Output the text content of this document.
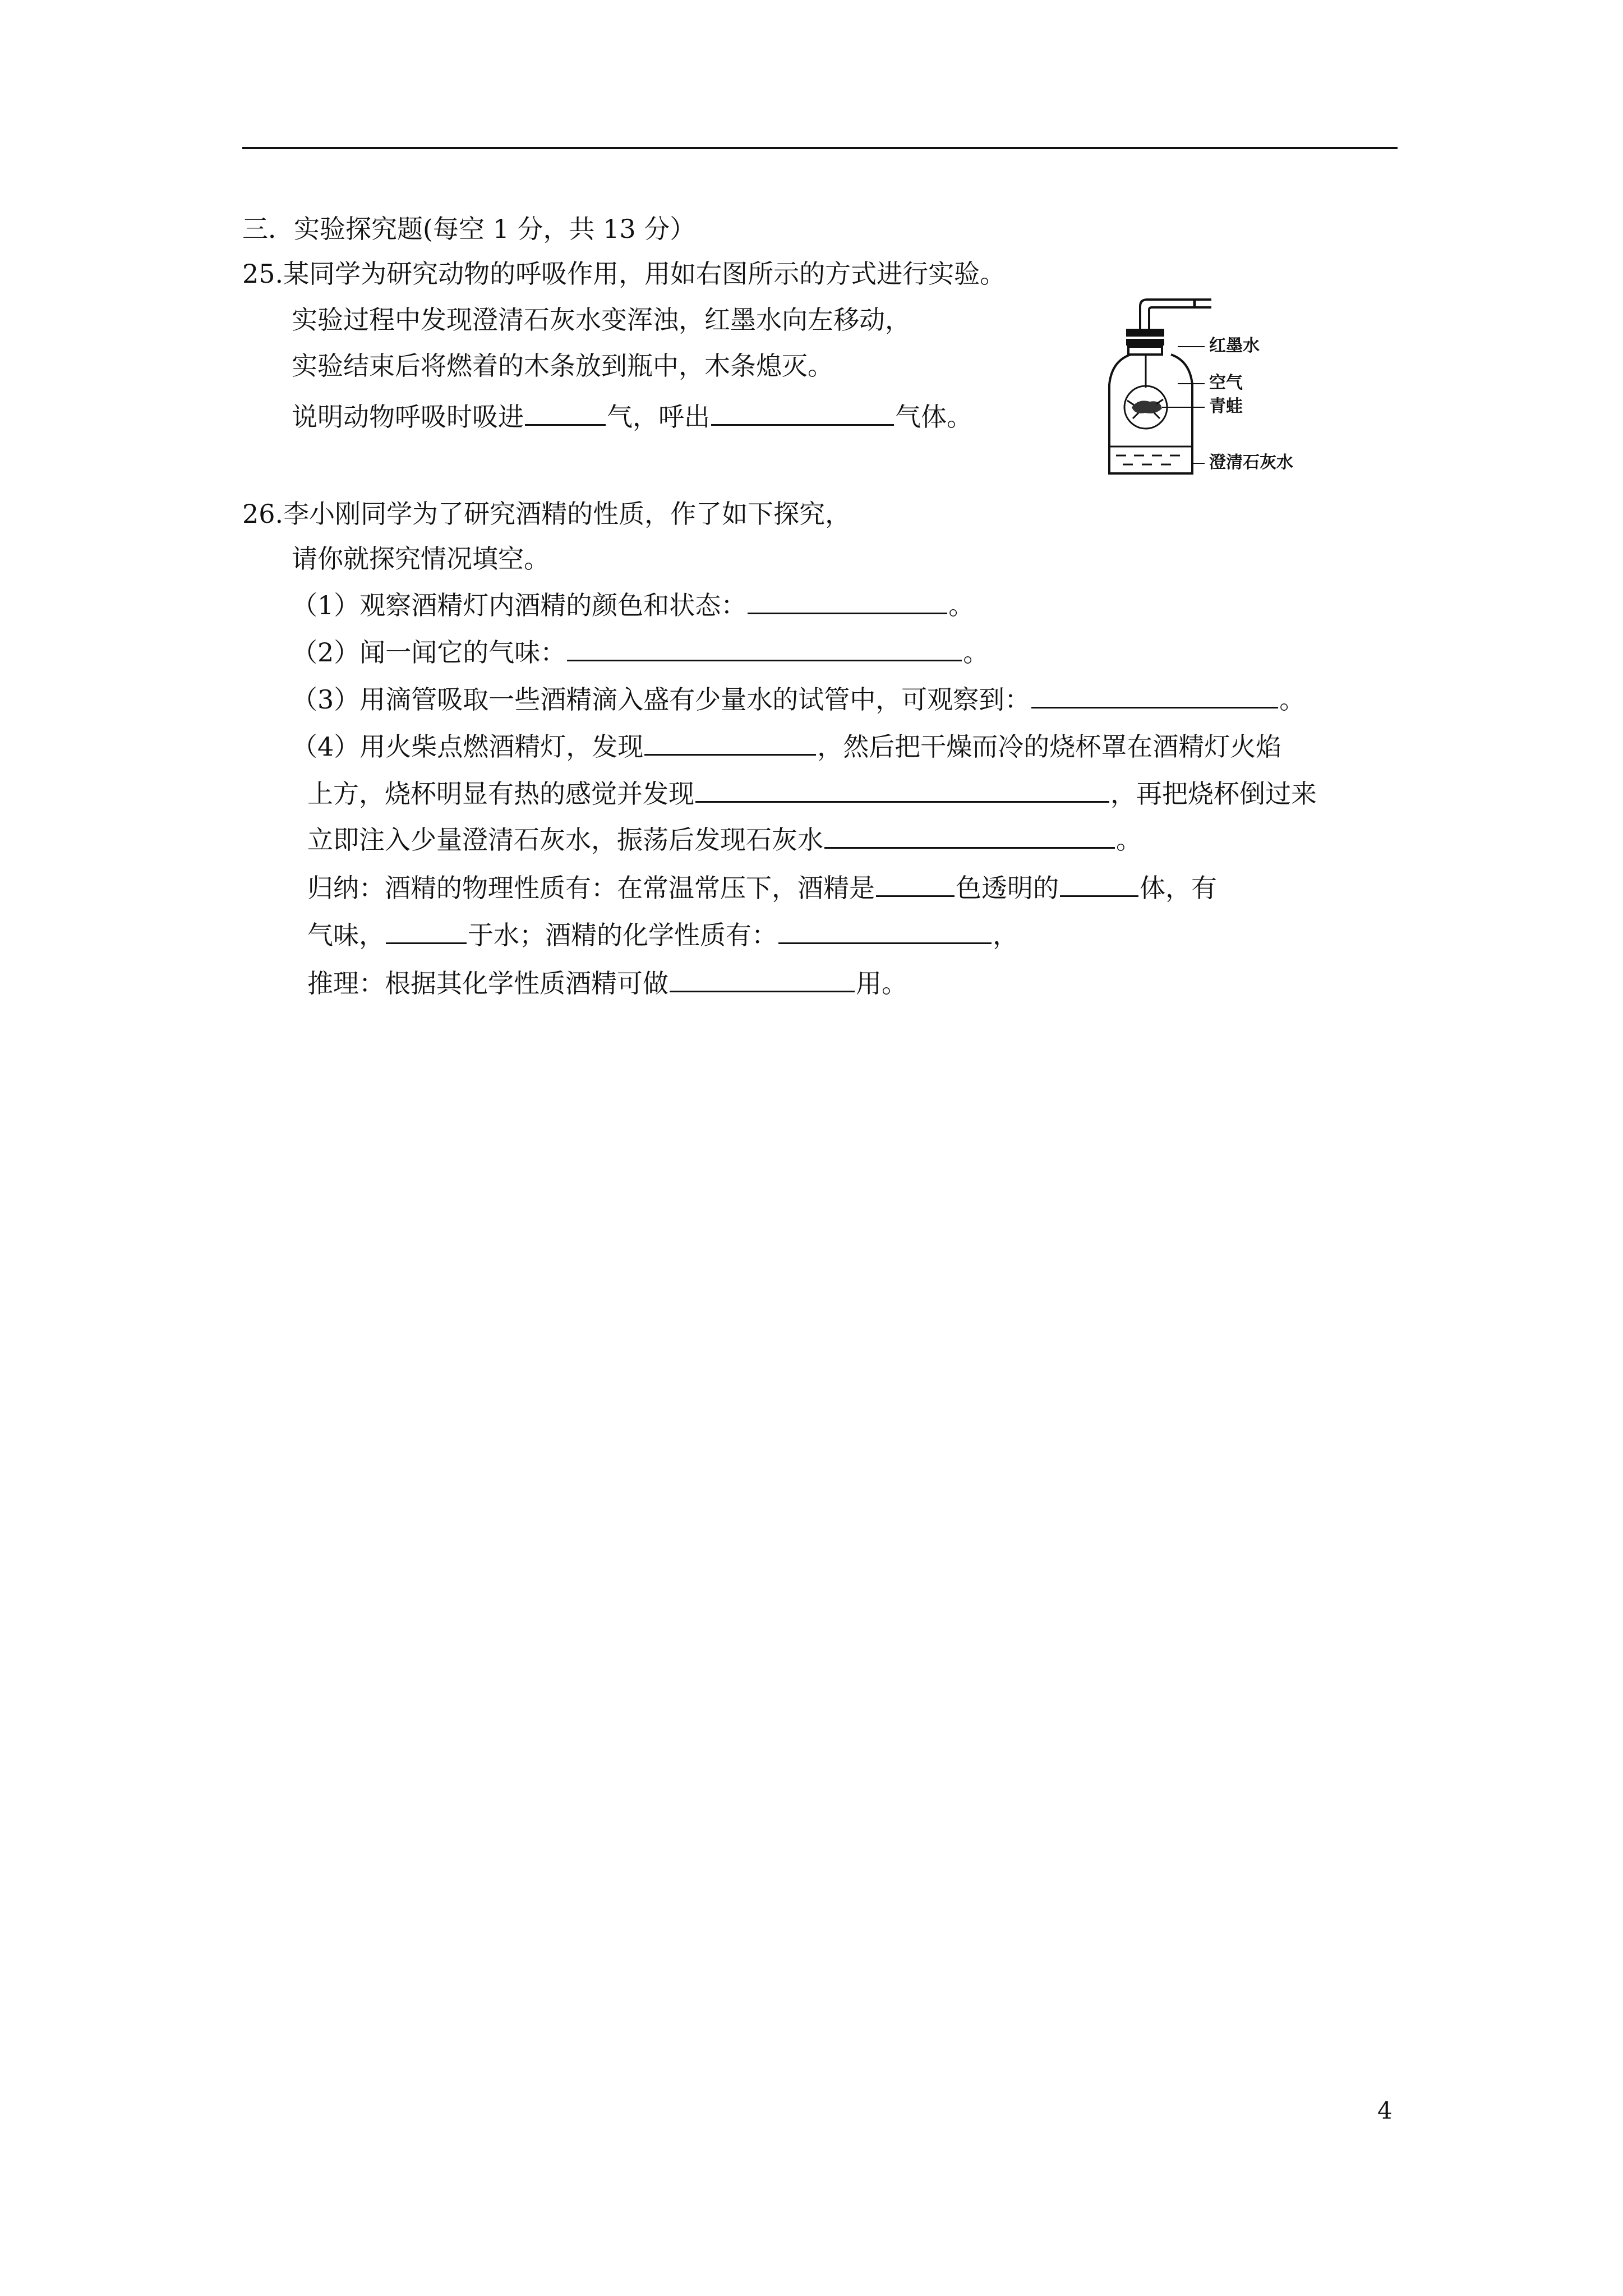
三．实验探究题(每空 1 分，共 13 分）
25.某同学为研究动物的呼吸作用，用如右图所示的方式进行实验。
实验过程中发现澄清石灰水变浑浊，红墨水向左移动，
实验结束后将燃着的木条放到瓶中，木条熄灭。
说明动物呼吸时吸进	气，呼出	气体。
红墨水
空气
青蛙
澄清石灰水
26.李小刚同学为了研究酒精的性质，作了如下探究，
请你就探究情况填空。
（1）观察酒精灯内酒精的颜色和状态：	。
（2）闻一闻它的气味：	。
（3）用滴管吸取一些酒精滴入盛有少量水的试管中，可观察到：	。
（4）用火柴点燃酒精灯，发现	，然后把干燥而冷的烧杯罩在酒精灯火焰
上方，烧杯明显有热的感觉并发现	，再把烧杯倒过来
立即注入少量澄清石灰水，振荡后发现石灰水	。
归纳：酒精的物理性质有：在常温常压下，酒精是	色透明的	体，有
气味，	于水；酒精的化学性质有：	，
推理：根据其化学性质酒精可做	用。
4
